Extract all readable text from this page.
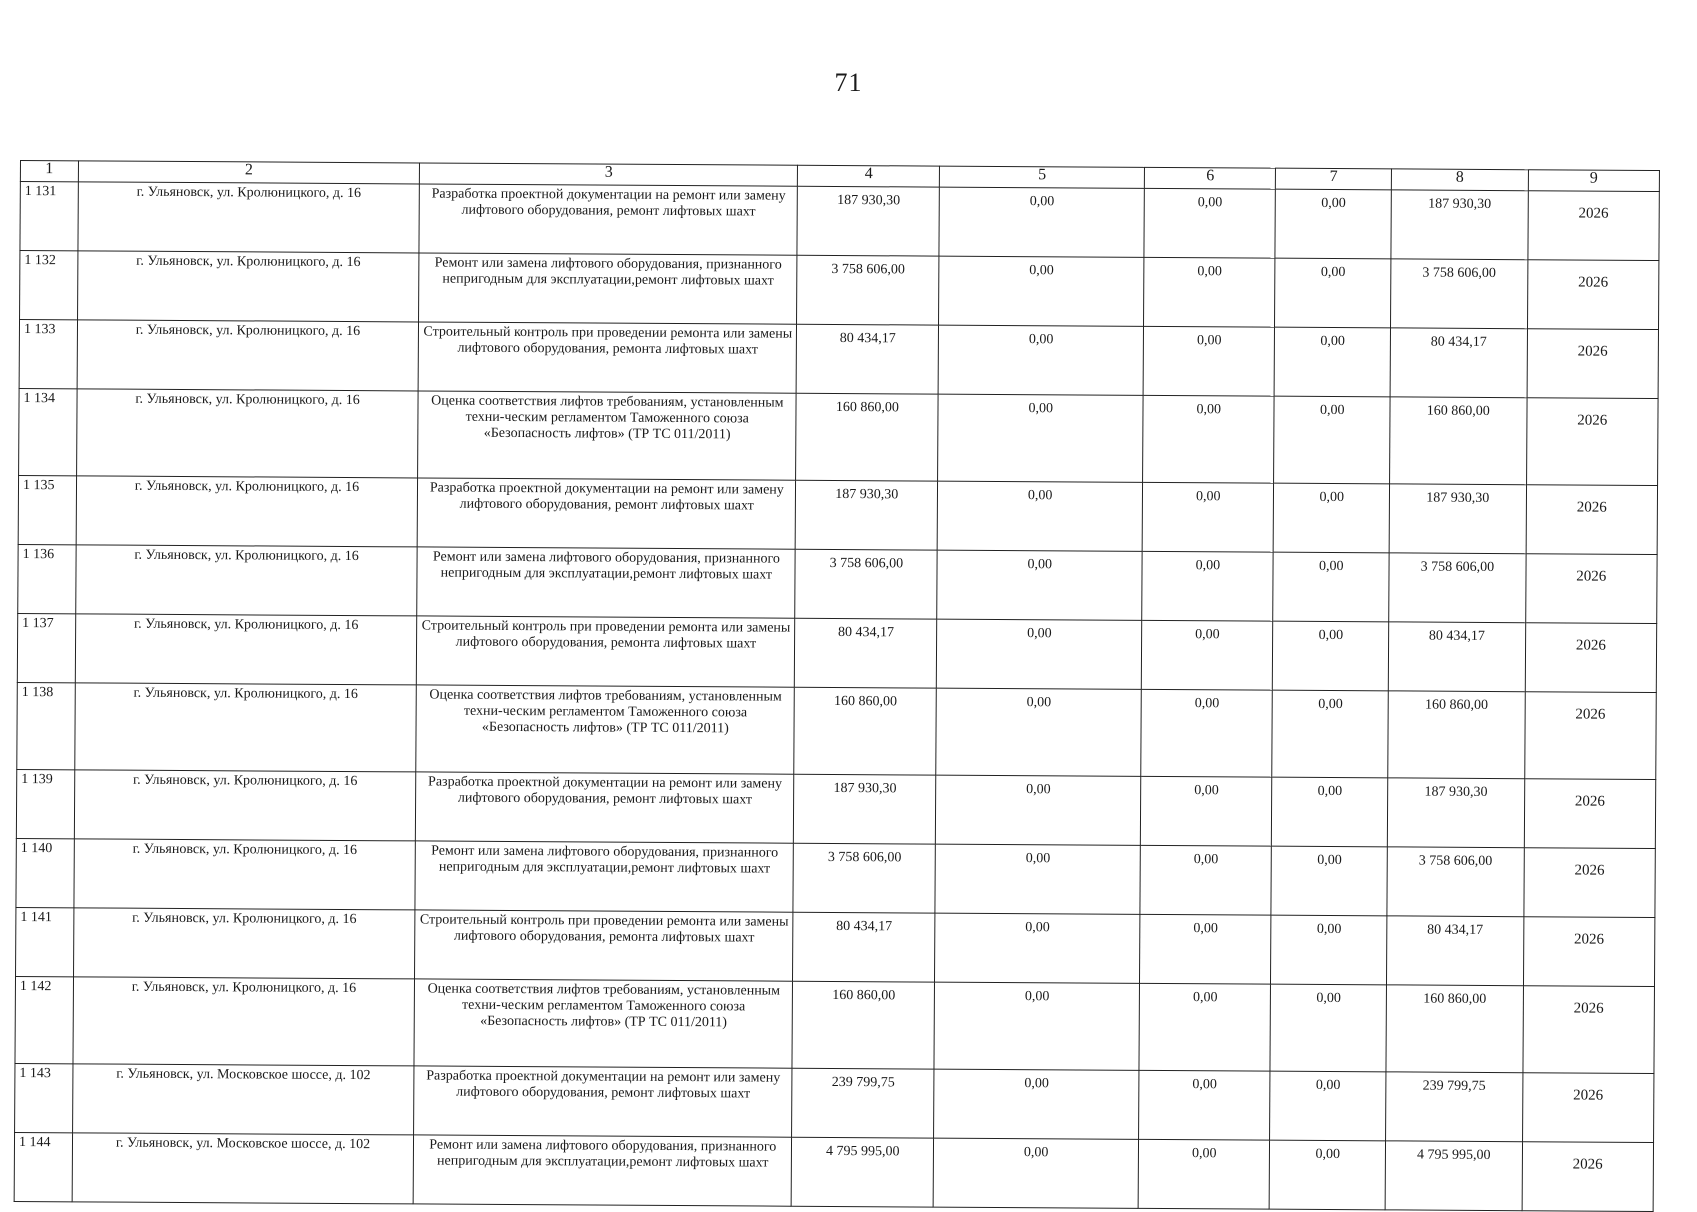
71
1	2	3	4	5	6	7	8	9
1 131	г. Ульяновск, ул. Кролюницкого, д. 16	Разработка проектной документации на ремонт или замену лифтового оборудования, ремонт лифтовых шахт	187 930,30	0,00	0,00	0,00	187 930,30	2026
1 132	г. Ульяновск, ул. Кролюницкого, д. 16	Ремонт или замена лифтового оборудования, признанного непригодным для эксплуатации,ремонт лифтовых шахт	3 758 606,00	0,00	0,00	0,00	3 758 606,00	2026
1 133	г. Ульяновск, ул. Кролюницкого, д. 16	Строительный контроль при проведении ремонта или замены лифтового оборудования, ремонта лифтовых шахт	80 434,17	0,00	0,00	0,00	80 434,17	2026
1 134	г. Ульяновск, ул. Кролюницкого, д. 16	Оценка соответствия лифтов требованиям, установленным техни-ческим регламентом Таможенного союза «Безопасность лифтов» (ТР ТС 011/2011)	160 860,00	0,00	0,00	0,00	160 860,00	2026
1 135	г. Ульяновск, ул. Кролюницкого, д. 16	Разработка проектной документации на ремонт или замену лифтового оборудования, ремонт лифтовых шахт	187 930,30	0,00	0,00	0,00	187 930,30	2026
1 136	г. Ульяновск, ул. Кролюницкого, д. 16	Ремонт или замена лифтового оборудования, признанного непригодным для эксплуатации,ремонт лифтовых шахт	3 758 606,00	0,00	0,00	0,00	3 758 606,00	2026
1 137	г. Ульяновск, ул. Кролюницкого, д. 16	Строительный контроль при проведении ремонта или замены лифтового оборудования, ремонта лифтовых шахт	80 434,17	0,00	0,00	0,00	80 434,17	2026
1 138	г. Ульяновск, ул. Кролюницкого, д. 16	Оценка соответствия лифтов требованиям, установленным техни-ческим регламентом Таможенного союза «Безопасность лифтов» (ТР ТС 011/2011)	160 860,00	0,00	0,00	0,00	160 860,00	2026
1 139	г. Ульяновск, ул. Кролюницкого, д. 16	Разработка проектной документации на ремонт или замену лифтового оборудования, ремонт лифтовых шахт	187 930,30	0,00	0,00	0,00	187 930,30	2026
1 140	г. Ульяновск, ул. Кролюницкого, д. 16	Ремонт или замена лифтового оборудования, признанного непригодным для эксплуатации,ремонт лифтовых шахт	3 758 606,00	0,00	0,00	0,00	3 758 606,00	2026
1 141	г. Ульяновск, ул. Кролюницкого, д. 16	Строительный контроль при проведении ремонта или замены лифтового оборудования, ремонта лифтовых шахт	80 434,17	0,00	0,00	0,00	80 434,17	2026
1 142	г. Ульяновск, ул. Кролюницкого, д. 16	Оценка соответствия лифтов требованиям, установленным техни-ческим регламентом Таможенного союза «Безопасность лифтов» (ТР ТС 011/2011)	160 860,00	0,00	0,00	0,00	160 860,00	2026
1 143	г. Ульяновск, ул. Московское шоссе, д. 102	Разработка проектной документации на ремонт или замену лифтового оборудования, ремонт лифтовых шахт	239 799,75	0,00	0,00	0,00	239 799,75	2026
1 144	г. Ульяновск, ул. Московское шоссе, д. 102	Ремонт или замена лифтового оборудования, признанного непригодным для эксплуатации,ремонт лифтовых шахт	4 795 995,00	0,00	0,00	0,00	4 795 995,00	2026
